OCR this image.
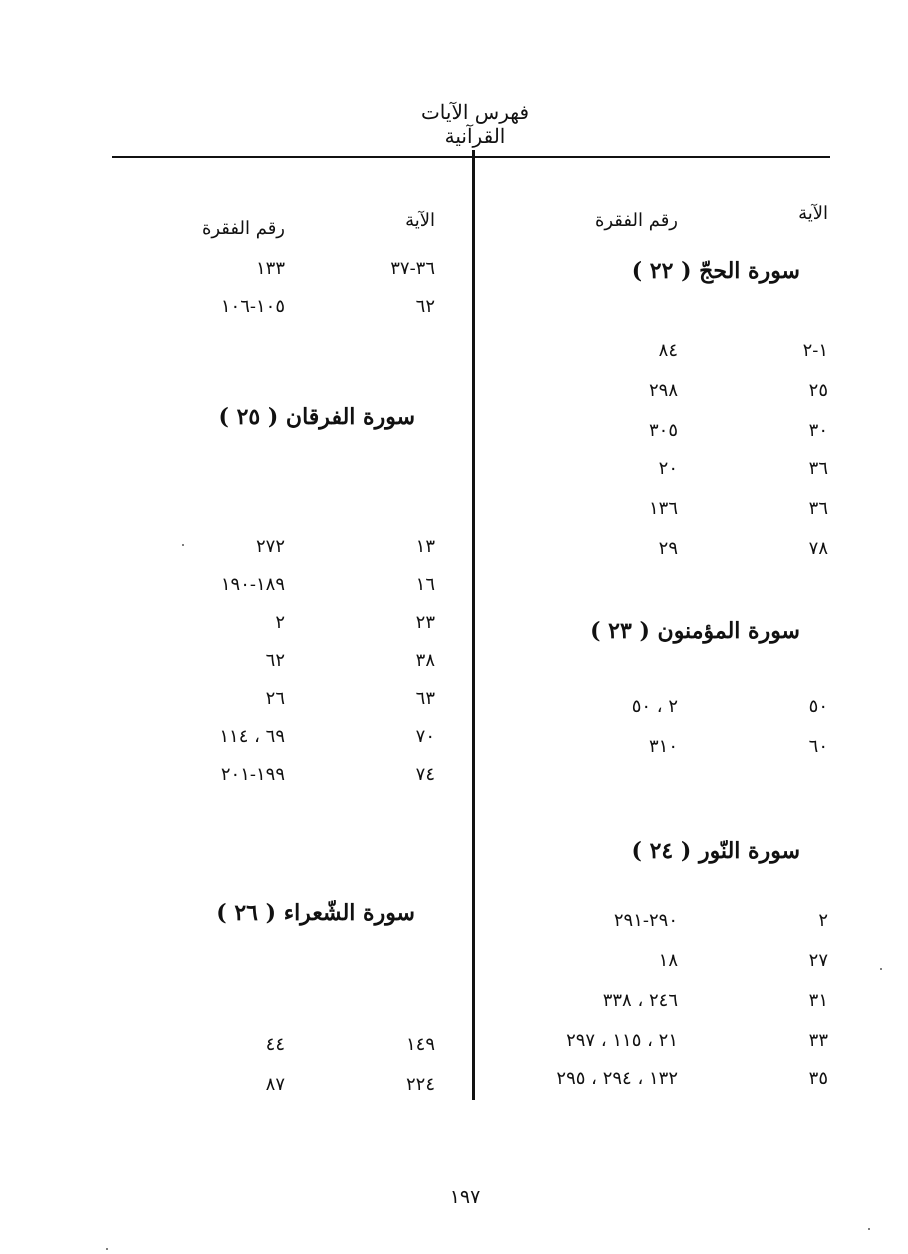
فهرس الآيات القرآنية
الآية
رقم الفقرة
سورة الحجّ ( ٢٢ )
١-٢
٨٤
٢٥
٢٩٨
٣٠
٣٠٥
٣٦
٢٠
٣٦
١٣٦
٧٨
٢٩
سورة المؤمنون ( ٢٣ )
٥٠
٢ ، ٥٠
٦٠
٣١٠
سورة النّور ( ٢٤ )
٢
٢٩٠-٢٩١
٢٧
١٨
٣١
٢٤٦ ، ٣٣٨
٣٣
٢١ ، ١١٥ ، ٢٩٧
٣٥
١٣٢ ، ٢٩٤ ، ٢٩٥
الآية
رقم الفقرة
٣٦-٣٧
١٣٣
٦٢
١٠٥-١٠٦
سورة الفرقان ( ٢٥ )
١٣
٢٧٢
١٦
١٨٩-١٩٠
٢٣
٢
٣٨
٦٢
٦٣
٢٦
٧٠
٦٩ ، ١١٤
٧٤
١٩٩-٢٠١
سورة الشّعراء ( ٢٦ )
١٤٩
٤٤
٢٢٤
٨٧
١٩٧
